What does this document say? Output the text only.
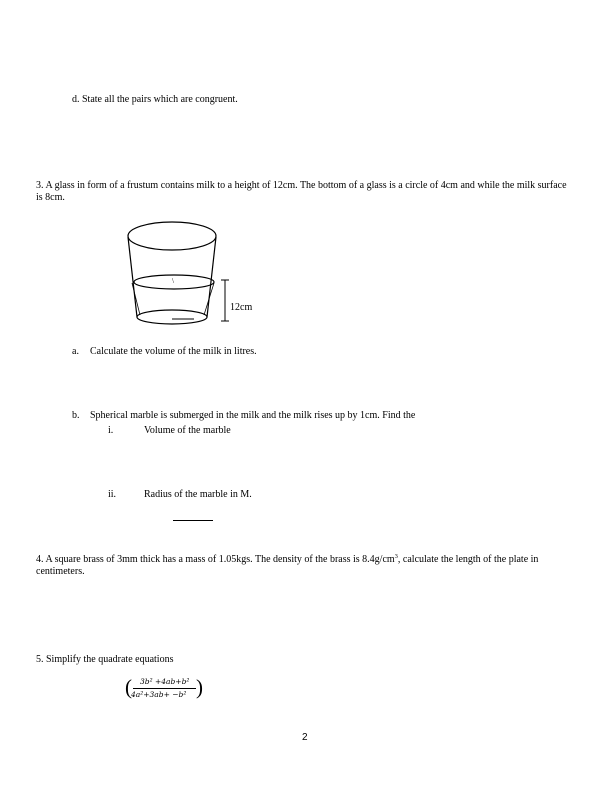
d. State all the pairs which are congruent.
3. A glass in form of a frustum contains milk to a height of 12cm. The bottom of a glass is a circle of 4cm and while the milk surface is 8cm.
\
12cm
a. Calculate the volume of the milk in litres.
b. Spherical marble is submerged in the milk and the milk rises up by 1cm. Find the
i.	Volume of the marble
ii.	Radius of the marble in M.
4. A square brass of 3mm thick has a mass of 1.05kgs. The density of the brass is $8.4g/cm^3$, calculate the length of the plate in centimeters.
5. Simplify the quadrate equations
( 3b² +4ab+b²
4a²+3ab+ −b² )
2
